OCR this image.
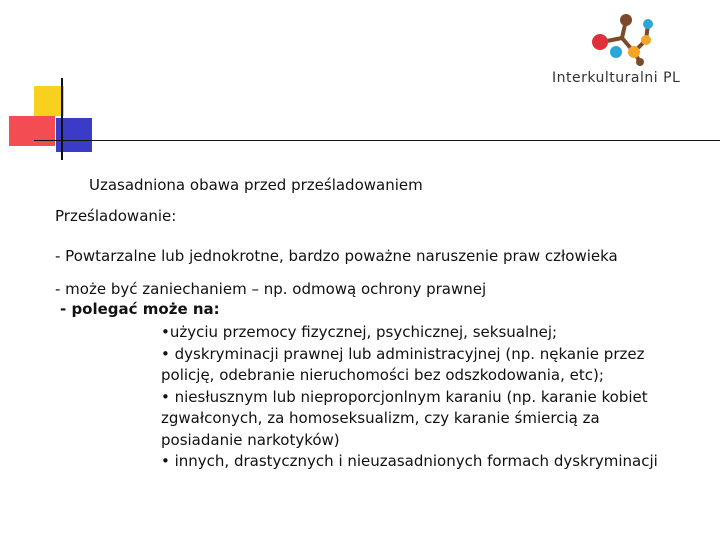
Interkulturalni PL
Uzasadniona obawa przed prześladowaniem
Prześladowanie:
- Powtarzalne lub jednokrotne, bardzo poważne naruszenie praw człowieka
- może być zaniechaniem – np. odmową ochrony prawnej
- polegać może na:
•użyciu przemocy fizycznej, psychicznej, seksualnej;
• dyskryminacji prawnej lub administracyjnej (np. nękanie przez policję, odebranie nieruchomości bez odszkodowania, etc);
• niesłusznym lub nieproporcjonlnym karaniu (np. karanie kobiet zgwałconych, za homoseksualizm, czy karanie śmiercią za posiadanie narkotyków)
• innych, drastycznych i nieuzasadnionych formach dyskryminacji
